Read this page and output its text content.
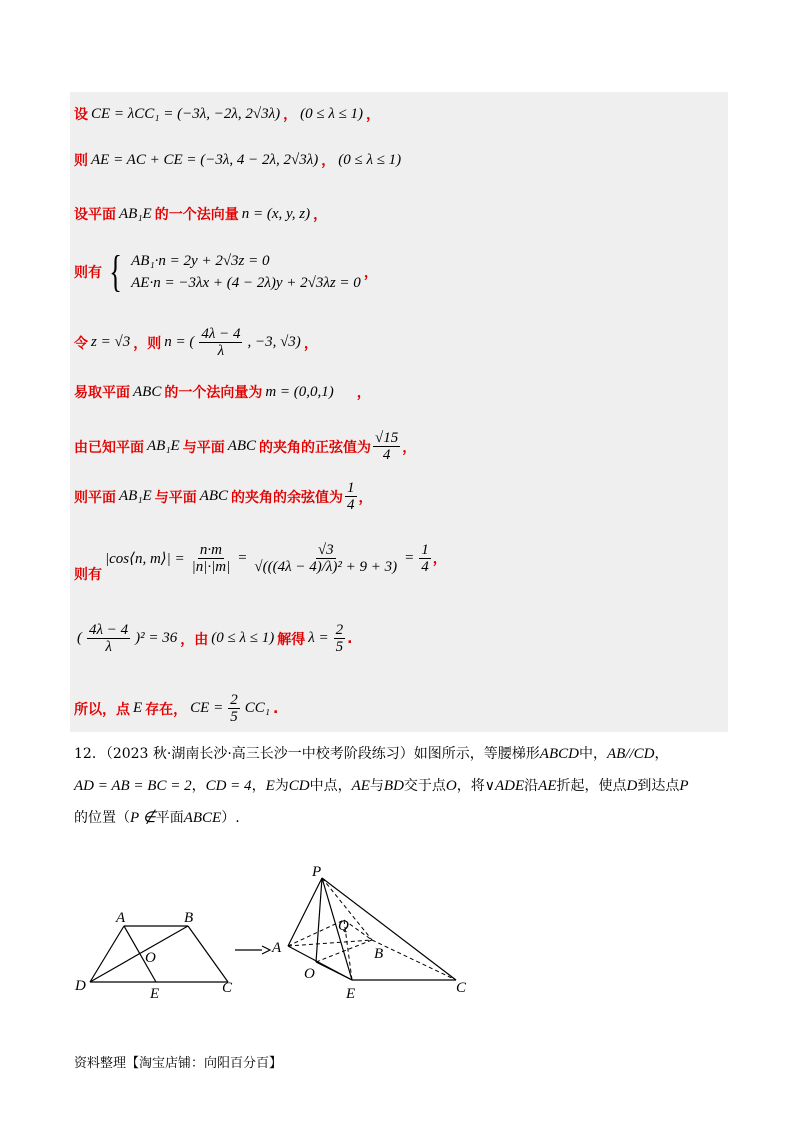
设 CE = λCC₁ = (−3λ, −2λ, 2√3λ) ， (0 ≤ λ ≤ 1) ，
则 AE = AC + CE = (−3λ, 4 − 2λ, 2√3λ) ， (0 ≤ λ ≤ 1)
设平面 AB₁E 的一个法向量 n = (x, y, z) ，
则有 { AB₁·n = 2y + 2√3z = 0
AE·n = −3λx + (4 − 2λ)y + 2√3λz = 0
，
令 z = √3 ，则 n = ( $\frac{4\lambda - 4}{\lambda}$ , −3, √3) ，
易取平面 ABC 的一个法向量为 m = (0,0,1) ，
由已知平面 AB₁E 与平面 ABC 的夹角的正弦值为 $\frac{√15}{4}$ ，
则平面 AB₁E 与平面 ABC 的夹角的余弦值为 $\frac{1}{4}$ ，
则有
|cos⟨n, m⟩| = $\frac{n\cdot m}{|n|\cdot|m|} = \frac{√3}{\text{√(((4λ − 4)/λ)² + 9 + 3)}} = \frac{1}{4}$ ，
( $\frac{4\lambda - 4}{\lambda} )^2 = 36$ ，由 (0 ≤ λ ≤ 1) 解得 $\lambda = \frac{2}{5}$ .
所以，点 E 存在， CE = $\frac{2}{5} CC_1$ .
12．（2023 秋·湖南长沙·高三长沙一中校考阶段练习）如图所示，等腰梯形ABCD中，AB//CD，
AD = AB = BC = 2，CD = 4，E为CD中点，AE与BD交于点O，将∨ADE沿AE折起，使点D到达点P
的位置（P ∉平面ABCE）.
A	B
C
D	E
O
P
A	B
C
E
O
Q
资料整理【淘宝店铺：向阳百分百】
